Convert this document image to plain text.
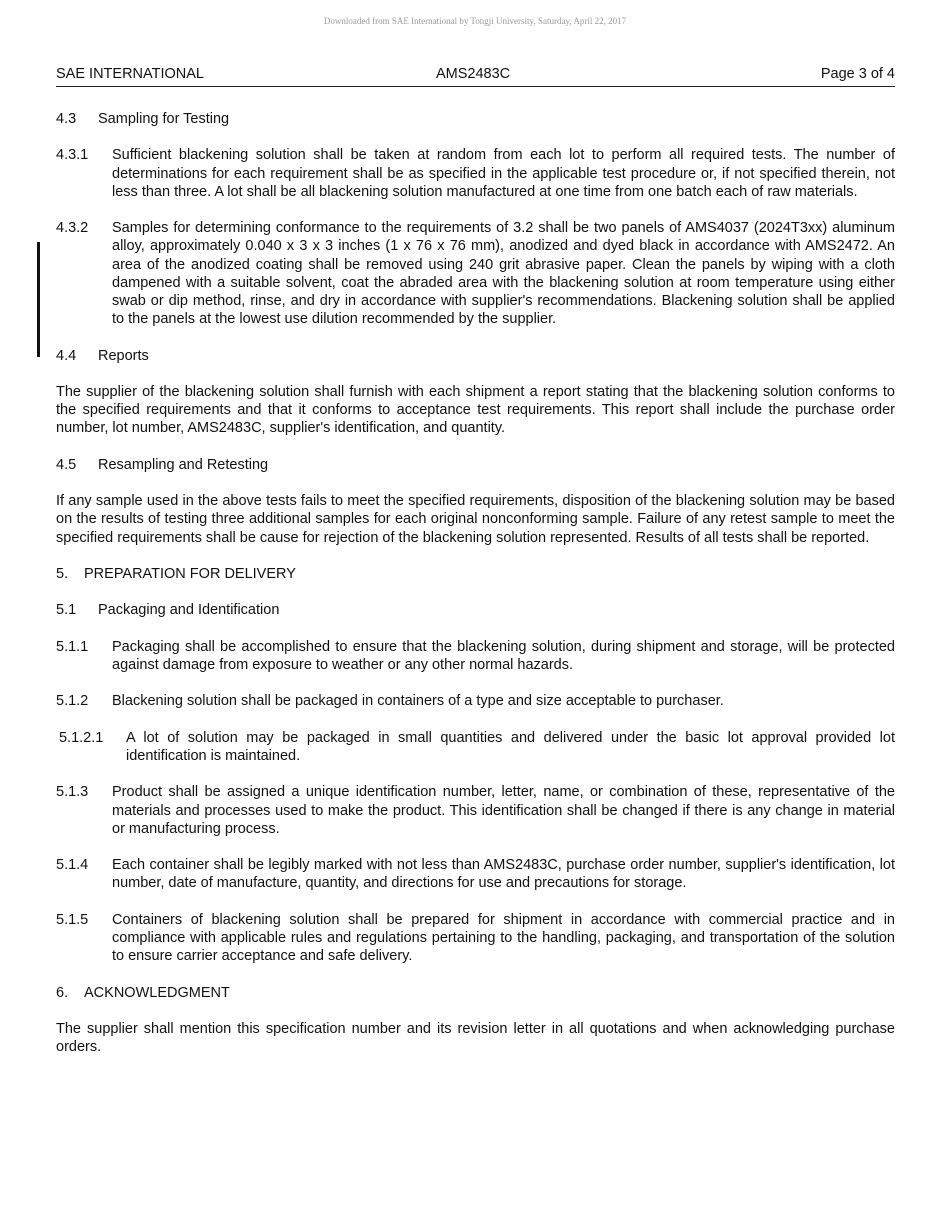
Downloaded from SAE International by Tongji University, Saturday, April 22, 2017
SAE INTERNATIONAL	AMS2483C	Page 3 of 4
4.3 Sampling for Testing
4.3.1	Sufficient blackening solution shall be taken at random from each lot to perform all required tests. The number of determinations for each requirement shall be as specified in the applicable test procedure or, if not specified therein, not less than three. A lot shall be all blackening solution manufactured at one time from one batch each of raw materials.
4.3.2	Samples for determining conformance to the requirements of 3.2 shall be two panels of AMS4037 (2024T3xx) aluminum alloy, approximately 0.040 x 3 x 3 inches (1 x 76 x 76 mm), anodized and dyed black in accordance with AMS2472. An area of the anodized coating shall be removed using 240 grit abrasive paper. Clean the panels by wiping with a cloth dampened with a suitable solvent, coat the abraded area with the blackening solution at room temperature using either swab or dip method, rinse, and dry in accordance with supplier's recommendations. Blackening solution shall be applied to the panels at the lowest use dilution recommended by the supplier.
4.4 Reports
The supplier of the blackening solution shall furnish with each shipment a report stating that the blackening solution conforms to the specified requirements and that it conforms to acceptance test requirements. This report shall include the purchase order number, lot number, AMS2483C, supplier's identification, and quantity.
4.5 Resampling and Retesting
If any sample used in the above tests fails to meet the specified requirements, disposition of the blackening solution may be based on the results of testing three additional samples for each original nonconforming sample. Failure of any retest sample to meet the specified requirements shall be cause for rejection of the blackening solution represented. Results of all tests shall be reported.
5. PREPARATION FOR DELIVERY
5.1 Packaging and Identification
5.1.1	Packaging shall be accomplished to ensure that the blackening solution, during shipment and storage, will be protected against damage from exposure to weather or any other normal hazards.
5.1.2	Blackening solution shall be packaged in containers of a type and size acceptable to purchaser.
5.1.2.1	A lot of solution may be packaged in small quantities and delivered under the basic lot approval provided lot identification is maintained.
5.1.3	Product shall be assigned a unique identification number, letter, name, or combination of these, representative of the materials and processes used to make the product. This identification shall be changed if there is any change in material or manufacturing process.
5.1.4	Each container shall be legibly marked with not less than AMS2483C, purchase order number, supplier's identification, lot number, date of manufacture, quantity, and directions for use and precautions for storage.
5.1.5	Containers of blackening solution shall be prepared for shipment in accordance with commercial practice and in compliance with applicable rules and regulations pertaining to the handling, packaging, and transportation of the solution to ensure carrier acceptance and safe delivery.
6. ACKNOWLEDGMENT
The supplier shall mention this specification number and its revision letter in all quotations and when acknowledging purchase orders.
